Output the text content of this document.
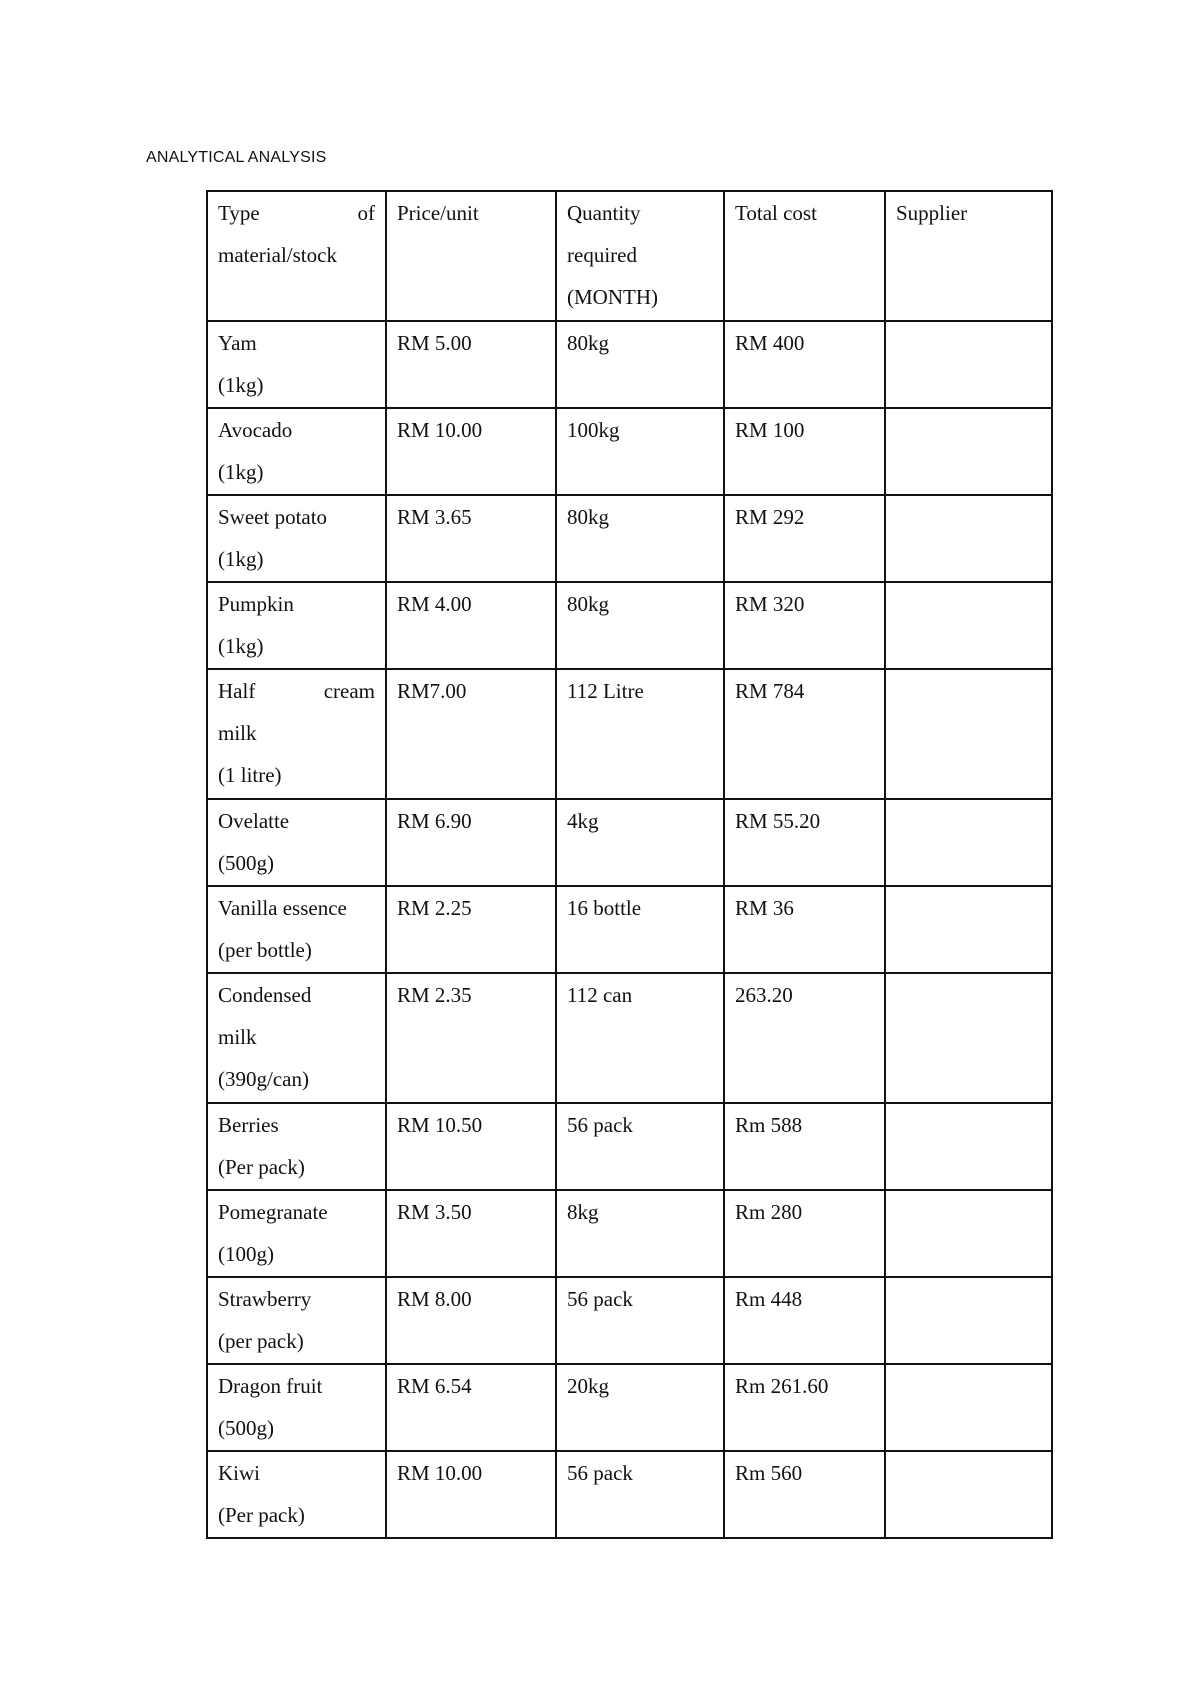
ANALYTICAL ANALYSIS
Type of
material/stock	Price/unit	Quantity
required
(MONTH)	Total cost	Supplier

Yam
(1kg)	RM 5.00	80kg	RM 400	

Avocado
(1kg)	RM 10.00	100kg	RM 100	

Sweet potato
(1kg)	RM 3.65	80kg	RM 292	

Pumpkin
(1kg)	RM 4.00	80kg	RM 320	

Half cream
milk
(1 litre)	RM7.00	112 Litre	RM 784	

Ovelatte
(500g)	RM 6.90	4kg	RM 55.20	

Vanilla essence
(per bottle)	RM 2.25	16 bottle	RM 36	

Condensed
milk
(390g/can)	RM 2.35	112 can	263.20	

Berries
(Per pack)	RM 10.50	56 pack	Rm 588	

Pomegranate
(100g)	RM 3.50	8kg	Rm 280	

Strawberry
(per pack)	RM 8.00	56 pack	Rm 448	

Dragon fruit
(500g)	RM 6.54	20kg	Rm 261.60	

Kiwi
(Per pack)	RM 10.00	56 pack	Rm 560	
